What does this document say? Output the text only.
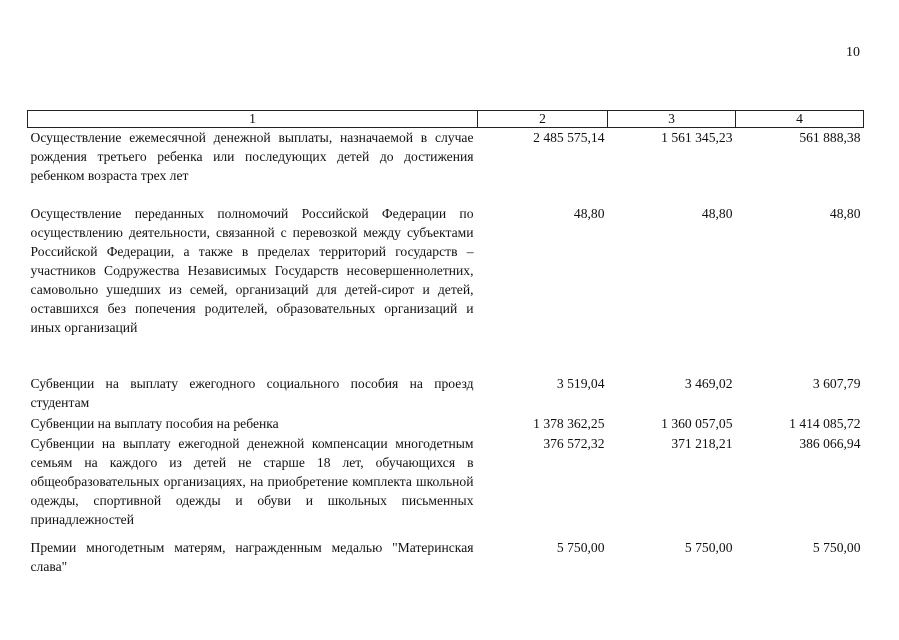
10
1	2	3	4
Осуществление ежемесячной денежной выплаты, назначаемой в случае рождения третьего ребенка или последующих детей до достижения ребенком возраста трех лет	2 485 575,14	1 561 345,23	561 888,38
Осуществление переданных полномочий Российской Федерации по осуществлению деятельности, связанной с перевозкой между субъектами Российской Федерации, а также в пределах территорий государств – участников Содружества Независимых Государств несовершеннолетних, самовольно ушедших из семей, организаций для детей-сирот и детей, оставшихся без попечения родителей, образовательных организаций и иных организаций	48,80	48,80	48,80
Субвенции на выплату ежегодного социального пособия на проезд студентам	3 519,04	3 469,02	3 607,79
Субвенции на выплату пособия на ребенка	1 378 362,25	1 360 057,05	1 414 085,72
Субвенции на выплату ежегодной денежной компенсации многодетным семьям на каждого из детей не старше 18 лет, обучающихся в общеобразовательных организациях, на приобретение комплекта школьной одежды, спортивной одежды и обуви и школьных письменных принадлежностей	376 572,32	371 218,21	386 066,94
Премии многодетным матерям, награжденным медалью "Материнская слава"	5 750,00	5 750,00	5 750,00
